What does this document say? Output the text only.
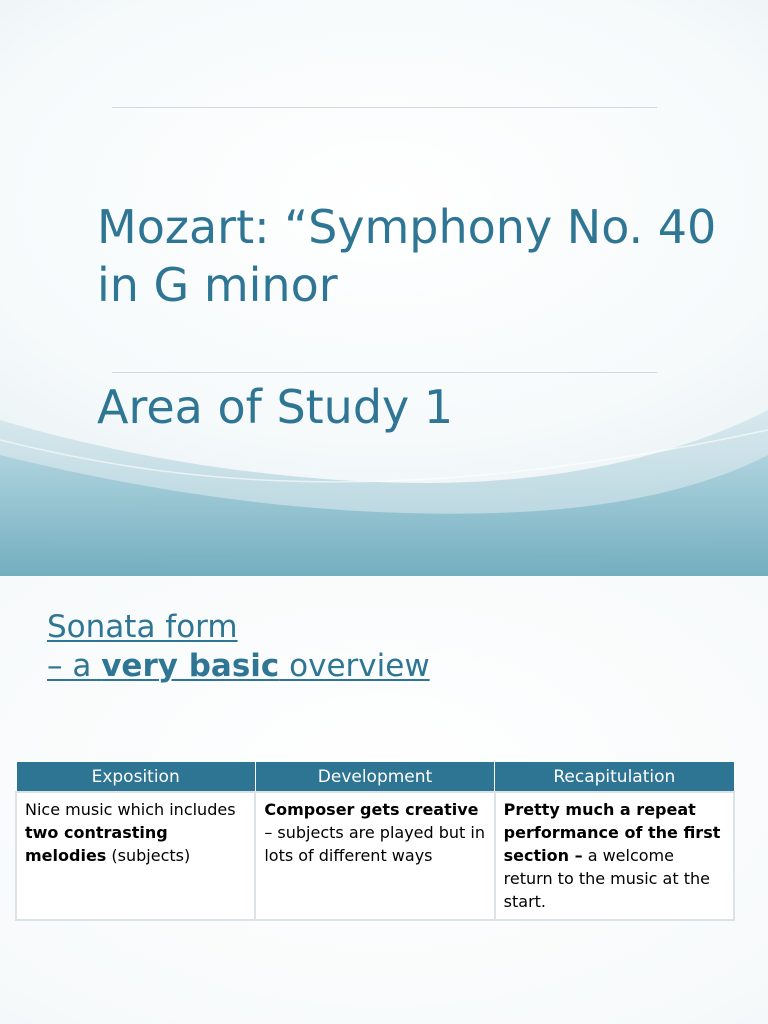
Mozart: “Symphony No. 40 in G minor
Area of Study 1
Sonata form
– a very basic overview
Exposition	Development	Recapitulation
Nice music which includes two contrasting melodies (subjects)	Composer gets creative – subjects are played but in lots of different ways	Pretty much a repeat performance of the first section – a welcome return to the music at the start.
